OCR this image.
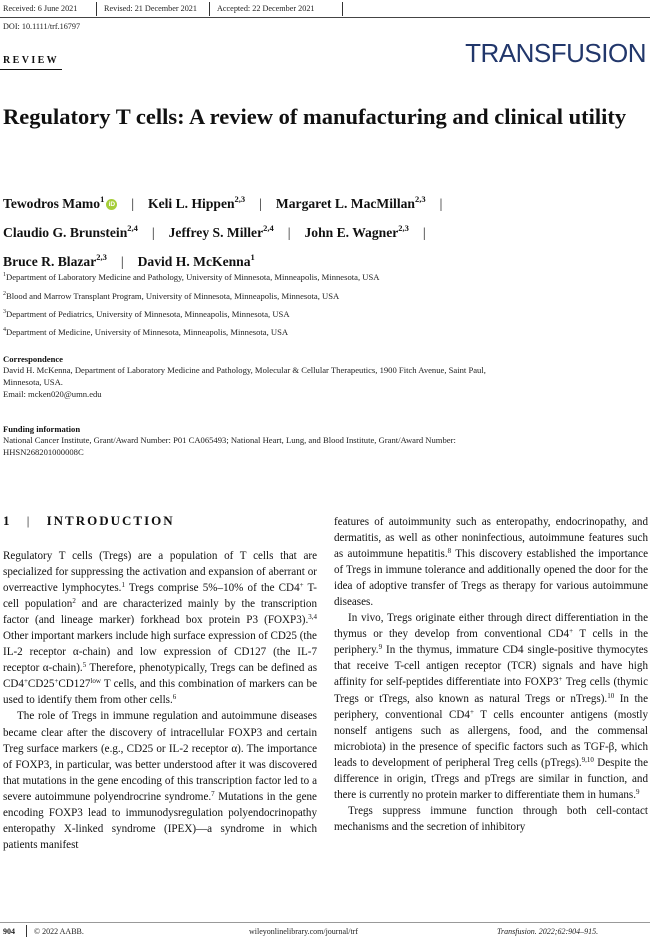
Received: 6 June 2021	Revised: 21 December 2021 Accepted: 22 December 2021
DOI: 10.1111/trf.16797
TRANSFUSION
REVIEW
Regulatory T cells: A review of manufacturing and clinical utility
Tewodros Mamo$^1$iD | Keli L. Hippen$^{2,3}$ | Margaret L. MacMillan$^{2,3}$ |
Claudio G. Brunstein$^{2,4}$ | Jeffrey S. Miller$^{2,4}$ | John E. Wagner$^{2,3}$ |
Bruce R. Blazar$^{2,3}$ | David H. McKenna$^1$
$^1$Department of Laboratory Medicine and Pathology, University of Minnesota, Minneapolis, Minnesota, USA
$^2$Blood and Marrow Transplant Program, University of Minnesota, Minneapolis, Minnesota, USA
$^3$Department of Pediatrics, University of Minnesota, Minneapolis, Minnesota, USA
$^4$Department of Medicine, University of Minnesota, Minneapolis, Minnesota, USA
Correspondence
David H. McKenna, Department of Laboratory Medicine and Pathology, Molecular & Cellular Therapeutics, 1900 Fitch Avenue, Saint Paul,
Minnesota, USA.
Email: mcken020@umn.edu
Funding information
National Cancer Institute, Grant/Award Number: P01 CA065493; National Heart, Lung, and Blood Institute, Grant/Award Number:
HHSN268201000008C
1 | INTRODUCTION

Regulatory T cells (Tregs) are a population of T cells that are specialized for suppressing the activation and expansion of aberrant or overreactive lymphocytes.$^1$ Tregs comprise 5%–10% of the CD4+ T-cell population$^2$ and are characterized mainly by the transcription factor (and lineage marker) forkhead box protein P3 (FOXP3).$^{3,4}$ Other important markers include high surface expression of CD25 (the IL-2 receptor α-chain) and low expression of CD127 (the IL-7 receptor α-chain).$^5$ Therefore, phenotypically, Tregs can be defined as $CD4^+CD25^+CD127^{low}$ T cells, and this combination of markers can be used to identify them from other cells.$^6$

The role of Tregs in immune regulation and autoimmune diseases became clear after the discovery of intracellular FOXP3 and certain Treg surface markers (e.g., CD25 or IL-2 receptor α). The importance of FOXP3, in particular, was better understood after it was discovered that mutations in the gene encoding of this transcription factor led to a severe autoimmune polyendrocrine syndrome.$^7$ Mutations in the gene encoding FOXP3 lead to immunodysregulation polyendocrinopathy enteropathy X-linked syndrome (IPEX)—a syndrome in which patients manifest

features of autoimmunity such as enteropathy, endocrinopathy, and dermatitis, as well as other noninfectious, autoimmune features such as autoimmune hepatitis.$^8$ This discovery established the importance of Tregs in immune tolerance and additionally opened the door for the idea of adoptive transfer of Tregs as therapy for various autoimmune diseases.

In vivo, Tregs originate either through direct differentiation in the thymus or they develop from conventional CD4+ T cells in the periphery.$^9$ In the thymus, immature CD4 single-positive thymocytes that receive T-cell antigen receptor (TCR) signals and have high affinity for self-peptides differentiate into FOXP3+ Treg cells (thymic Tregs or tTregs, also known as natural Tregs or nTregs).$^{10}$ In the periphery, conventional CD4+ T cells encounter antigens (mostly nonself antigens such as allergens, food, and the commensal microbiota) in the presence of specific factors such as TGF-β, which leads to development of peripheral Treg cells (pTregs).$^{9,10}$ Despite the difference in origin, tTregs and pTregs are similar in function, and there is currently no protein marker to differentiate them in humans.$^9$

Tregs suppress immune function through both cell-contact mechanisms and the secretion of inhibitory

904 © 2022 AABB.	wileyonlinelibrary.com/journal/trf	Transfusion. 2022;62:904–915.
